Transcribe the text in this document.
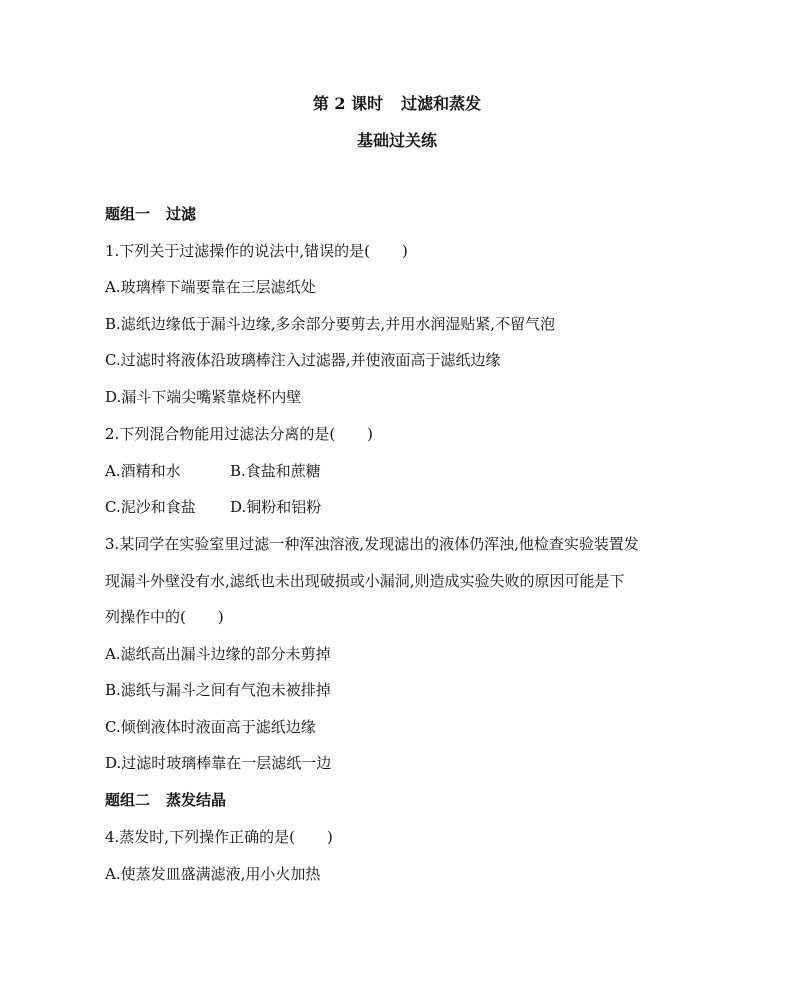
第 2 课时 过滤和蒸发
基础过关练
题组一 过滤
1.下列关于过滤操作的说法中,错误的是( )
A.玻璃棒下端要靠在三层滤纸处
B.滤纸边缘低于漏斗边缘,多余部分要剪去,并用水润湿贴紧,不留气泡
C.过滤时将液体沿玻璃棒注入过滤器,并使液面高于滤纸边缘
D.漏斗下端尖嘴紧靠烧杯内壁
2.下列混合物能用过滤法分离的是( )
A.酒精和水	B.食盐和蔗糖
C.泥沙和食盐 D.铜粉和铝粉
3.某同学在实验室里过滤一种浑浊溶液,发现滤出的液体仍浑浊,他检查实验装置发
现漏斗外壁没有水,滤纸也未出现破损或小漏洞,则造成实验失败的原因可能是下
列操作中的( )
A.滤纸高出漏斗边缘的部分未剪掉
B.滤纸与漏斗之间有气泡未被排掉
C.倾倒液体时液面高于滤纸边缘
D.过滤时玻璃棒靠在一层滤纸一边
题组二 蒸发结晶
4.蒸发时,下列操作正确的是( )
A.使蒸发皿盛满滤液,用小火加热
